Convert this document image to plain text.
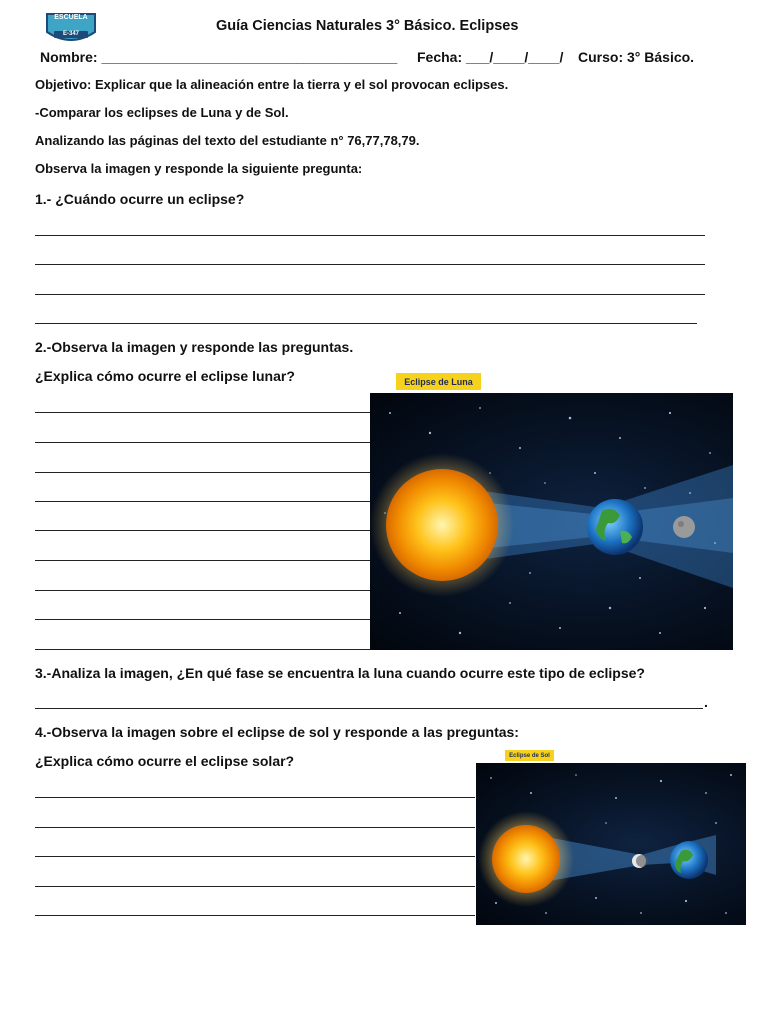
ESCUELA
E-347	Guía Ciencias Naturales 3° Básico. Eclipses
Nombre: ______________________________________ Fecha: ___/____/____/ Curso: 3° Básico.
Objetivo: Explicar que la alineación entre la tierra y el sol provocan eclipses.
-Comparar los eclipses de Luna y de Sol.
Analizando las páginas del texto del estudiante n° 76,77,78,79.
Observa la imagen y responde la siguiente pregunta:
1.- ¿Cuándo ocurre un eclipse?
2.-Observa la imagen y responde las preguntas.
¿Explica cómo ocurre el eclipse lunar?	Eclipse de Luna
3.-Analiza la imagen, ¿En qué fase se encuentra la luna cuando ocurre este tipo de eclipse?
.
4.-Observa la imagen sobre el eclipse de sol y responde a las preguntas:
¿Explica cómo ocurre el eclipse solar?	Eclipse de Sol
